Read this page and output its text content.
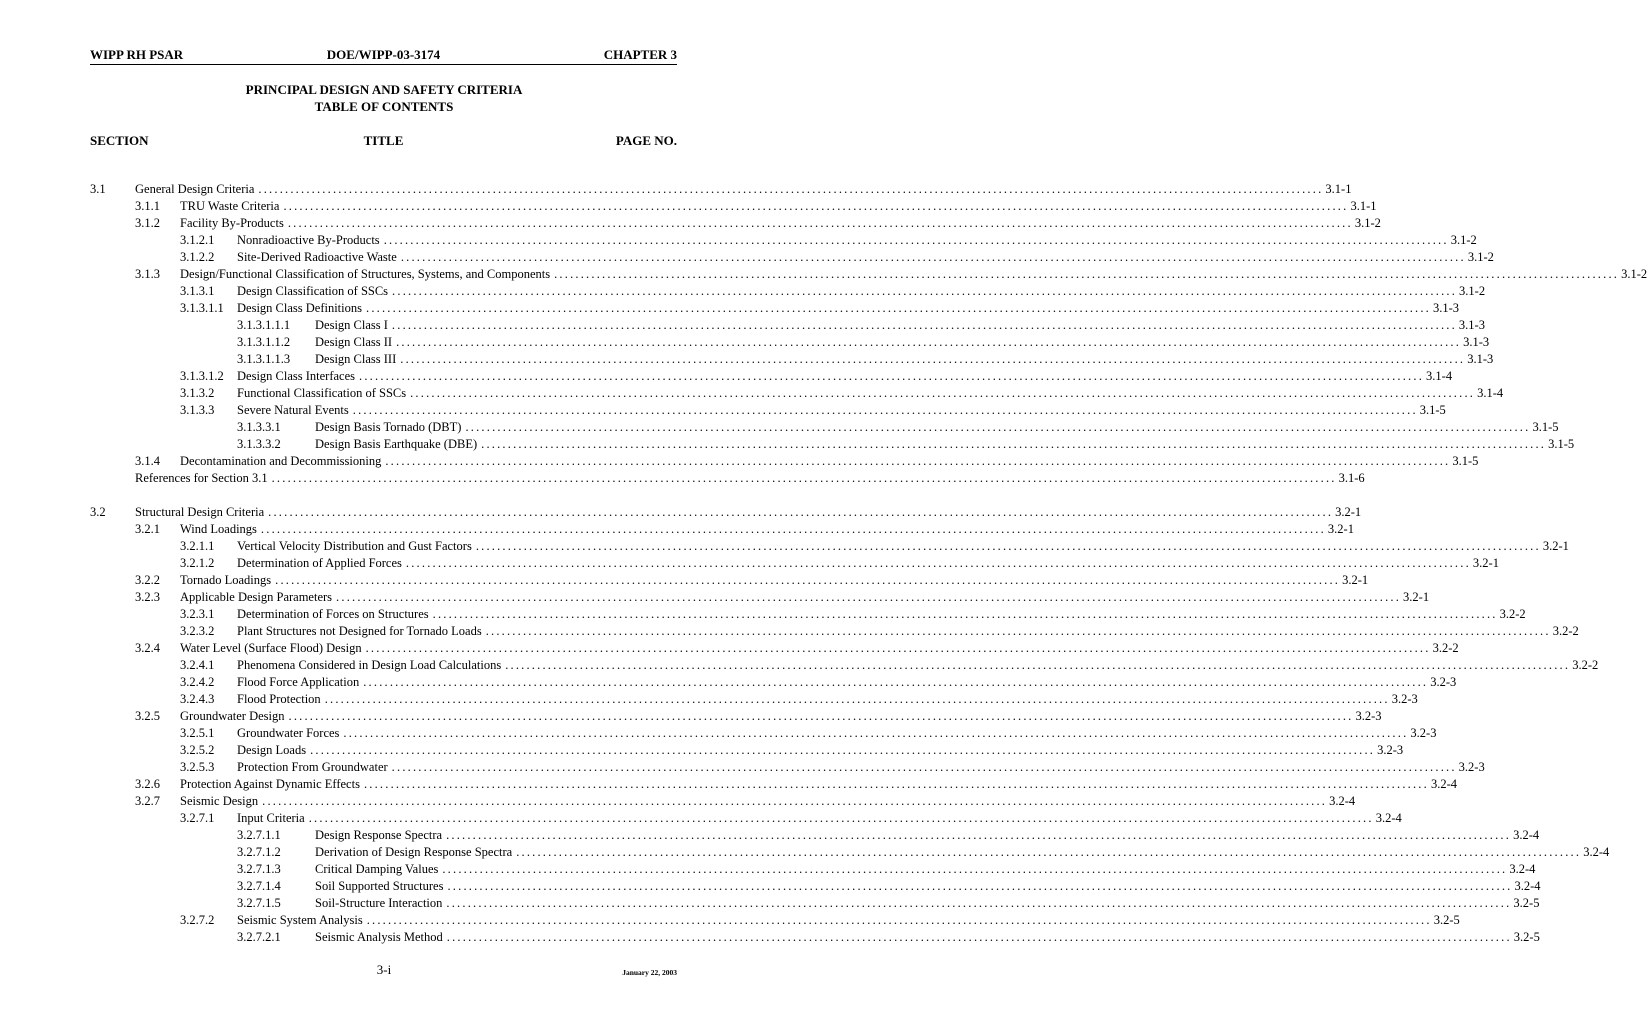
WIPP RH PSAR	DOE/WIPP-03-3174	CHAPTER 3
PRINCIPAL DESIGN AND SAFETY CRITERIA
TABLE OF CONTENTS
SECTION	TITLE	PAGE NO.
3.1 General Design Criteria ........................................................................................................................................................................................................ 3.1-1
3.1.1 TRU Waste Criteria ........................................................................................................................................................................................................ 3.1-1
3.1.2 Facility By-Products ........................................................................................................................................................................................................ 3.1-2
3.1.2.1 Nonradioactive By-Products ........................................................................................................................................................................................................ 3.1-2
3.1.2.2 Site-Derived Radioactive Waste ........................................................................................................................................................................................................ 3.1-2
3.1.3 Design/Functional Classification of Structures, Systems, and Components ........................................................................................................................................................................................................ 3.1-2
3.1.3.1 Design Classification of SSCs ........................................................................................................................................................................................................ 3.1-2
3.1.3.1.1 Design Class Definitions ........................................................................................................................................................................................................ 3.1-3
3.1.3.1.1.1 Design Class I ........................................................................................................................................................................................................ 3.1-3
3.1.3.1.1.2 Design Class II ........................................................................................................................................................................................................ 3.1-3
3.1.3.1.1.3 Design Class III ........................................................................................................................................................................................................ 3.1-3
3.1.3.1.2 Design Class Interfaces ........................................................................................................................................................................................................ 3.1-4
3.1.3.2 Functional Classification of SSCs ........................................................................................................................................................................................................ 3.1-4
3.1.3.3 Severe Natural Events ........................................................................................................................................................................................................ 3.1-5
3.1.3.3.1	Design Basis Tornado (DBT) ........................................................................................................................................................................................................ 3.1-5
3.1.3.3.2	Design Basis Earthquake (DBE) ........................................................................................................................................................................................................ 3.1-5
3.1.4 Decontamination and Decommissioning ........................................................................................................................................................................................................ 3.1-5
References for Section 3.1 ........................................................................................................................................................................................................ 3.1-6
3.2 Structural Design Criteria ........................................................................................................................................................................................................ 3.2-1
3.2.1 Wind Loadings ........................................................................................................................................................................................................ 3.2-1
3.2.1.1 Vertical Velocity Distribution and Gust Factors ........................................................................................................................................................................................................ 3.2-1
3.2.1.2 Determination of Applied Forces ........................................................................................................................................................................................................ 3.2-1
3.2.2 Tornado Loadings ........................................................................................................................................................................................................ 3.2-1
3.2.3 Applicable Design Parameters ........................................................................................................................................................................................................ 3.2-1
3.2.3.1 Determination of Forces on Structures ........................................................................................................................................................................................................ 3.2-2
3.2.3.2 Plant Structures not Designed for Tornado Loads ........................................................................................................................................................................................................ 3.2-2
3.2.4 Water Level (Surface Flood) Design ........................................................................................................................................................................................................ 3.2-2
3.2.4.1 Phenomena Considered in Design Load Calculations ........................................................................................................................................................................................................ 3.2-2
3.2.4.2 Flood Force Application ........................................................................................................................................................................................................ 3.2-3
3.2.4.3 Flood Protection ........................................................................................................................................................................................................ 3.2-3
3.2.5 Groundwater Design ........................................................................................................................................................................................................ 3.2-3
3.2.5.1 Groundwater Forces ........................................................................................................................................................................................................ 3.2-3
3.2.5.2 Design Loads ........................................................................................................................................................................................................ 3.2-3
3.2.5.3 Protection From Groundwater ........................................................................................................................................................................................................ 3.2-3
3.2.6 Protection Against Dynamic Effects ........................................................................................................................................................................................................ 3.2-4
3.2.7 Seismic Design ........................................................................................................................................................................................................ 3.2-4
3.2.7.1 Input Criteria ........................................................................................................................................................................................................ 3.2-4
3.2.7.1.1	Design Response Spectra ........................................................................................................................................................................................................ 3.2-4
3.2.7.1.2	Derivation of Design Response Spectra ........................................................................................................................................................................................................ 3.2-4
3.2.7.1.3	Critical Damping Values ........................................................................................................................................................................................................ 3.2-4
3.2.7.1.4	Soil Supported Structures ........................................................................................................................................................................................................ 3.2-4
3.2.7.1.5	Soil-Structure Interaction ........................................................................................................................................................................................................ 3.2-5
3.2.7.2 Seismic System Analysis ........................................................................................................................................................................................................ 3.2-5
3.2.7.2.1	Seismic Analysis Method ........................................................................................................................................................................................................ 3.2-5
3-i	January 22, 2003
